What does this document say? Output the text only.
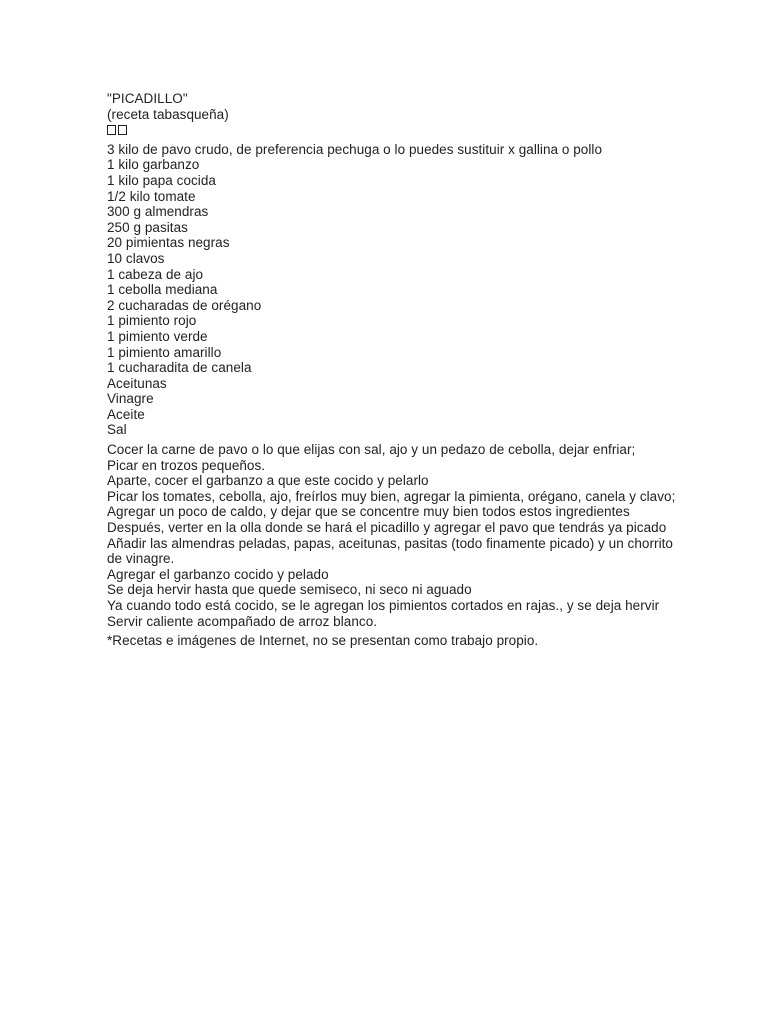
"PICADILLO"
(receta tabasqueña)
3 kilo de pavo crudo, de preferencia pechuga o lo puedes sustituir x gallina o pollo
1 kilo garbanzo
1 kilo papa cocida
1/2 kilo tomate
300 g almendras
250 g pasitas
20 pimientas negras
10 clavos
1 cabeza de ajo
1 cebolla mediana
2 cucharadas de orégano
1 pimiento rojo
1 pimiento verde
1 pimiento amarillo
1 cucharadita de canela
Aceitunas
Vinagre
Aceite
Sal
Cocer la carne de pavo o lo que elijas con sal, ajo y un pedazo de cebolla, dejar enfriar;
Picar en trozos pequeños.
Aparte, cocer el garbanzo a que este cocido y pelarlo
Picar los tomates, cebolla, ajo, freírlos muy bien, agregar la pimienta, orégano, canela y clavo;
Agregar un poco de caldo, y dejar que se concentre muy bien todos estos ingredientes
Después, verter en la olla donde se hará el picadillo y agregar el pavo que tendrás ya picado
Añadir las almendras peladas, papas, aceitunas, pasitas (todo finamente picado) y un chorrito
de vinagre.
Agregar el garbanzo cocido y pelado
Se deja hervir hasta que quede semiseco, ni seco ni aguado
Ya cuando todo está cocido, se le agregan los pimientos cortados en rajas., y se deja hervir
Servir caliente acompañado de arroz blanco.
*Recetas e imágenes de Internet, no se presentan como trabajo propio.
